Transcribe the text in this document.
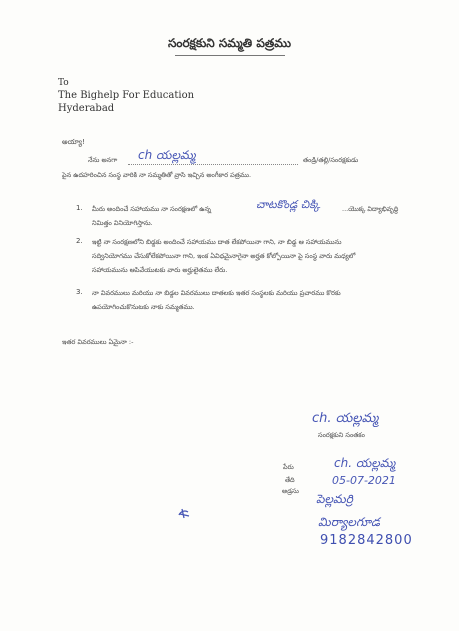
సంరక్షకుని సమ్మతి పత్రము
To
The Bighelp For Education
Hyderabad
అయ్యా!
నేను అనగా ch యల్లమ్మ	తండ్రి/తల్లి/సంరక్షకుడు
పైన ఉదహరించిన సంస్థ వారికి నా సమ్మతితో వ్రాసి ఇచ్చిన అంగీకార పత్రము.
1. మీరు అందించే సహాయము నా సంరక్షణలో ఉన్న	చాటకొండ్ల చిక్కి	...యొక్క విద్యాభివృద్ధి
నిమిత్తం వినియోగిస్తాను.
2. ఇట్టి నా సంరక్షణలోని బిడ్డకు అందించే సహాయము దాత లేకపోయినా గాని, నా బిడ్డ ఆ సహాయమును
సద్వినియోగము చేసుకోలేకపోయినా గాని, ఇంక ఏవిధమైనాగైనా అర్హత కోల్పోయినా పై సంస్థ వారు మధ్యలో
సహాయమును ఆపివేయుటకు వారు అర్హులైతము లేరు.
3. నా వివరములు మరియు నా బిడ్డల వివరములు దాతలకు ఇతర సంస్థలకు మరియు ప్రచారము కొరకు
ఉపయోగించుకొనుటకు నాకు సమ్మతము.
ఇతర వివరములు ఏమైనా :-
ch. యల్లమ్మ
సంరక్షకుని సంతకం
పేరు	ch. యల్లమ్మ
తేది	05-07-2021
అడ్రసు
పెల్లమర్రి
మిర్యాలగూడ
9182842800
